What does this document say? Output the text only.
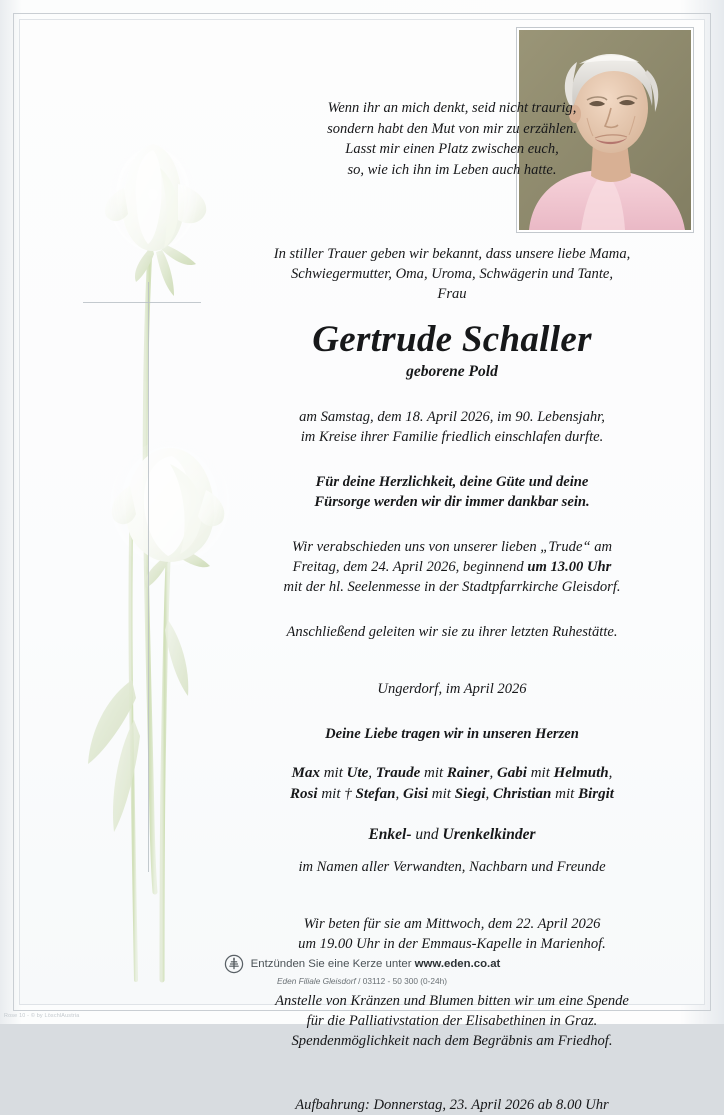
Wenn ihr an mich denkt, seid nicht traurig,
sondern habt den Mut von mir zu erzählen.
Lasst mir einen Platz zwischen euch,
so, wie ich ihn im Leben auch hatte.
In stiller Trauer geben wir bekannt, dass unsere liebe Mama,
Schwiegermutter, Oma, Uroma, Schwägerin und Tante,
Frau
Gertrude Schaller
geborene Pold
am Samstag, dem 18. April 2026, im 90. Lebensjahr,
im Kreise ihrer Familie friedlich einschlafen durfte.
Für deine Herzlichkeit, deine Güte und deine
Fürsorge werden wir dir immer dankbar sein.
Wir verabschieden uns von unserer lieben „Trude“ am
Freitag, dem 24. April 2026, beginnend um 13.00 Uhr
mit der hl. Seelenmesse in der Stadtpfarrkirche Gleisdorf.
Anschließend geleiten wir sie zu ihrer letzten Ruhestätte.
Ungerdorf, im April 2026
Deine Liebe tragen wir in unseren Herzen
Max mit Ute, Traude mit Rainer, Gabi mit Helmuth,
Rosi mit † Stefan, Gisi mit Siegi, Christian mit Birgit
Enkel- und Urenkelkinder
im Namen aller Verwandten, Nachbarn und Freunde
Wir beten für sie am Mittwoch, dem 22. April 2026
um 19.00 Uhr in der Emmaus-Kapelle in Marienhof.
Anstelle von Kränzen und Blumen bitten wir um eine Spende
für die Palliativstation der Elisabethinen in Graz.
Spendenmöglichkeit nach dem Begräbnis am Friedhof.
Aufbahrung: Donnerstag, 23. April 2026 ab 8.00 Uhr
Entzünden Sie eine Kerze unter www.eden.co.at
Eden Filiale Gleisdorf / 03112 - 50 300 (0-24h)
Rose 10 - © by LöschlAustria
